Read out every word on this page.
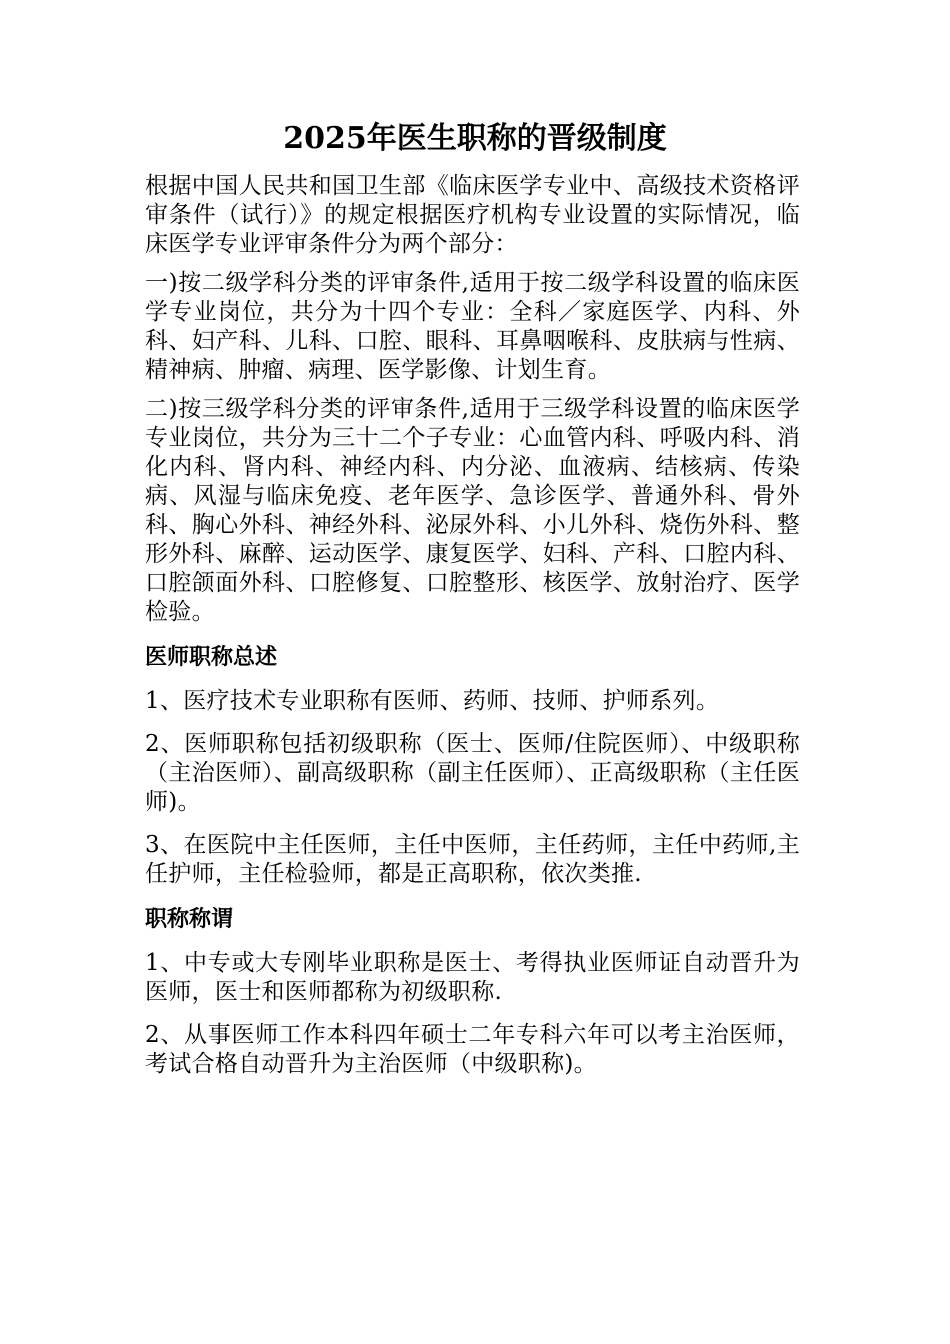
2025年医生职称的晋级制度

根据中国人民共和国卫生部《临床医学专业中、高级技术资格评审条件（试行）》的规定根据医疗机构专业设置的实际情况，临床医学专业评审条件分为两个部分：

一)按二级学科分类的评审条件,适用于按二级学科设置的临床医学专业岗位，共分为十四个专业：全科／家庭医学、内科、外科、妇产科、儿科、口腔、眼科、耳鼻咽喉科、皮肤病与性病、精神病、肿瘤、病理、医学影像、计划生育。

二)按三级学科分类的评审条件,适用于三级学科设置的临床医学专业岗位，共分为三十二个子专业：心血管内科、呼吸内科、消化内科、肾内科、神经内科、内分泌、血液病、结核病、传染病、风湿与临床免疫、老年医学、急诊医学、普通外科、骨外科、胸心外科、神经外科、泌尿外科、小儿外科、烧伤外科、整形外科、麻醉、运动医学、康复医学、妇科、产科、口腔内科、口腔颌面外科、口腔修复、口腔整形、核医学、放射治疗、医学检验。

医师职称总述

1、医疗技术专业职称有医师、药师、技师、护师系列。

2、医师职称包括初级职称（医士、医师/住院医师）、中级职称（主治医师）、副高级职称（副主任医师）、正高级职称（主任医师)。

3、在医院中主任医师，主任中医师，主任药师，主任中药师,主任护师，主任检验师，都是正高职称，依次类推.

职称称谓

1、中专或大专刚毕业职称是医士、考得执业医师证自动晋升为医师，医士和医师都称为初级职称.

2、从事医师工作本科四年硕士二年专科六年可以考主治医师，考试合格自动晋升为主治医师（中级职称)。
